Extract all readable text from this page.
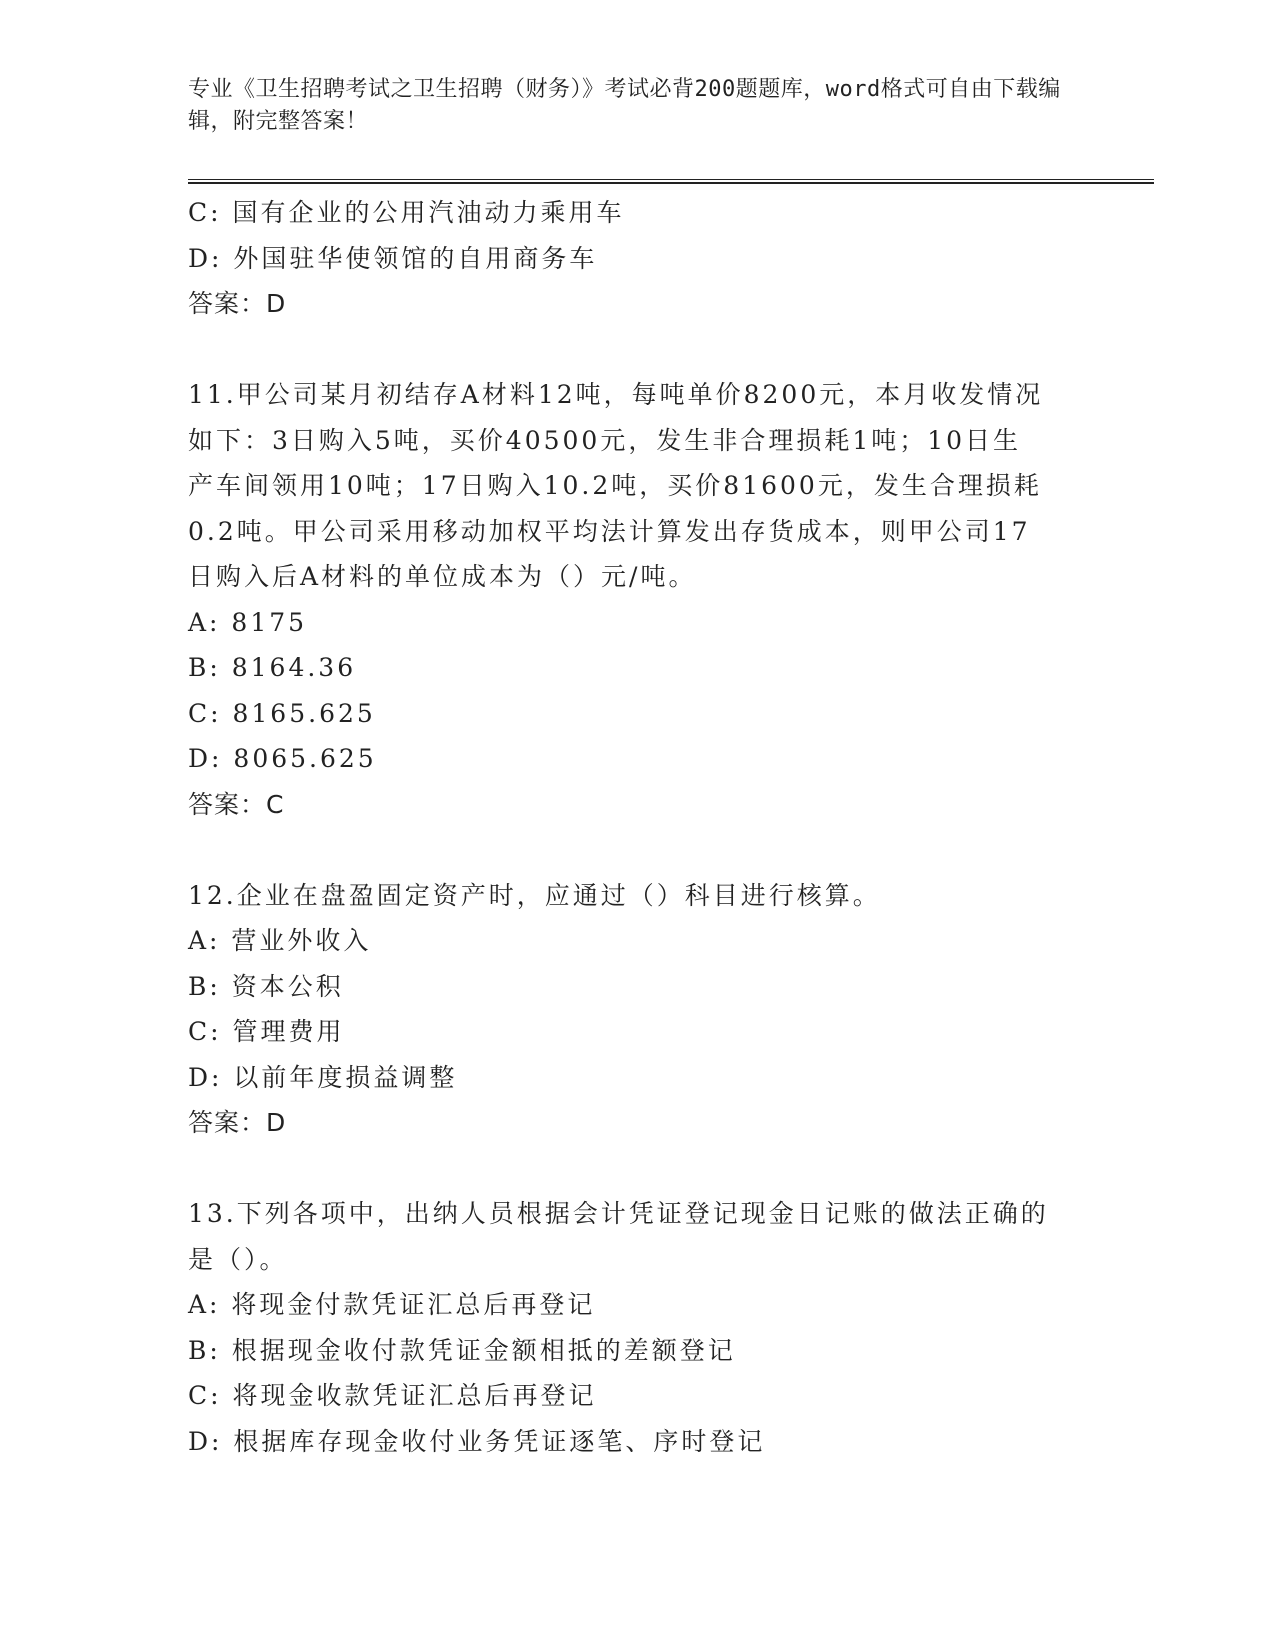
专业《卫生招聘考试之卫生招聘（财务）》考试必背200题题库，word格式可自由下载编辑，附完整答案！
C: 国有企业的公用汽油动力乘用车
D: 外国驻华使领馆的自用商务车
答案：D
11.甲公司某月初结存A材料12吨，每吨单价8200元，本月收发情况
如下：3日购入5吨，买价40500元，发生非合理损耗1吨；10日生
产车间领用10吨；17日购入10.2吨，买价81600元，发生合理损耗
0.2吨。甲公司采用移动加权平均法计算发出存货成本，则甲公司17
日购入后A材料的单位成本为（）元/吨。
A: 8175
B: 8164.36
C: 8165.625
D: 8065.625
答案：C
12.企业在盘盈固定资产时，应通过（）科目进行核算。
A: 营业外收入
B: 资本公积
C: 管理费用
D: 以前年度损益调整
答案：D
13.下列各项中，出纳人员根据会计凭证登记现金日记账的做法正确的
是（）。
A: 将现金付款凭证汇总后再登记
B: 根据现金收付款凭证金额相抵的差额登记
C: 将现金收款凭证汇总后再登记
D: 根据库存现金收付业务凭证逐笔、序时登记
